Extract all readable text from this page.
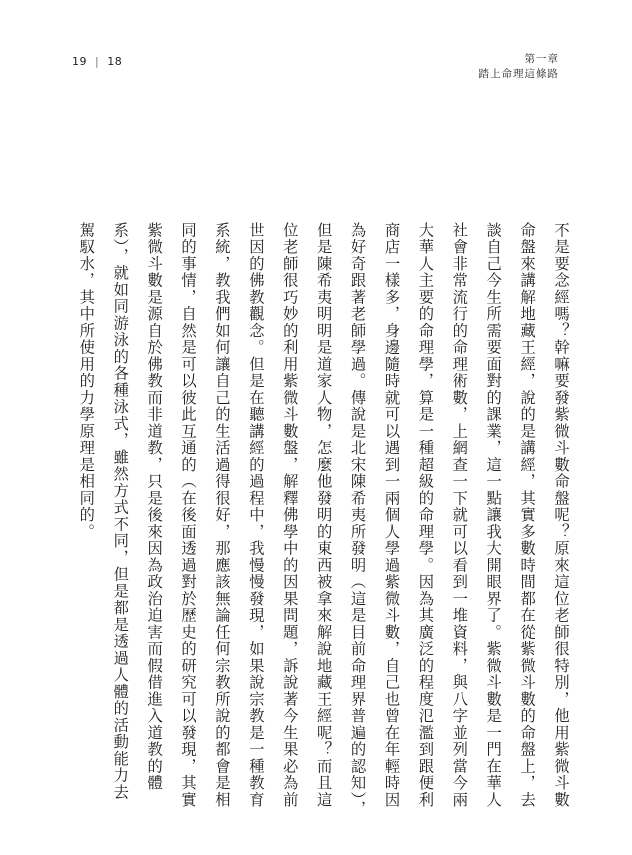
19 | 18	第一章
踏上命理這條路
不是要念經嗎？幹嘛要發紫微斗數命盤呢？原來這位老師很特別，他用紫微斗數
命盤來講解地藏王經，說的是講經，其實多數時間都在從紫微斗數的命盤上，去
談自己今生所需要面對的課業，這一點讓我大開眼界了。紫微斗數是一門在華人
社會非常流行的命理術數，上網查一下就可以看到一堆資料，與八字並列當今兩
大華人主要的命理學，算是一種超級的命理學。因為其廣泛的程度氾濫到跟便利
商店一樣多，身邊隨時就可以遇到一兩個人學過紫微斗數，自己也曾在年輕時因
為好奇跟著老師學過。傳說是北宋陳希夷所發明（這是目前命理界普遍的認知），
但是陳希夷明明是道家人物，怎麼他發明的東西被拿來解說地藏王經呢？而且這
位老師很巧妙的利用紫微斗數盤，解釋佛學中的因果問題，訴說著今生果必為前
世因的佛教觀念。但是在聽講經的過程中，我慢慢發現，如果說宗教是一種教育
系統，教我們如何讓自己的生活過得很好，那應該無論任何宗教所說的都會是相
同的事情，自然是可以彼此互通的（在後面透過對於歷史的研究可以發現，其實
紫微斗數是源自於佛教而非道教，只是後來因為政治迫害而假借進入道教的體
系），就如同游泳的各種泳式，雖然方式不同，但是都是透過人體的活動能力去
駕馭水，其中所使用的力學原理是相同的。
